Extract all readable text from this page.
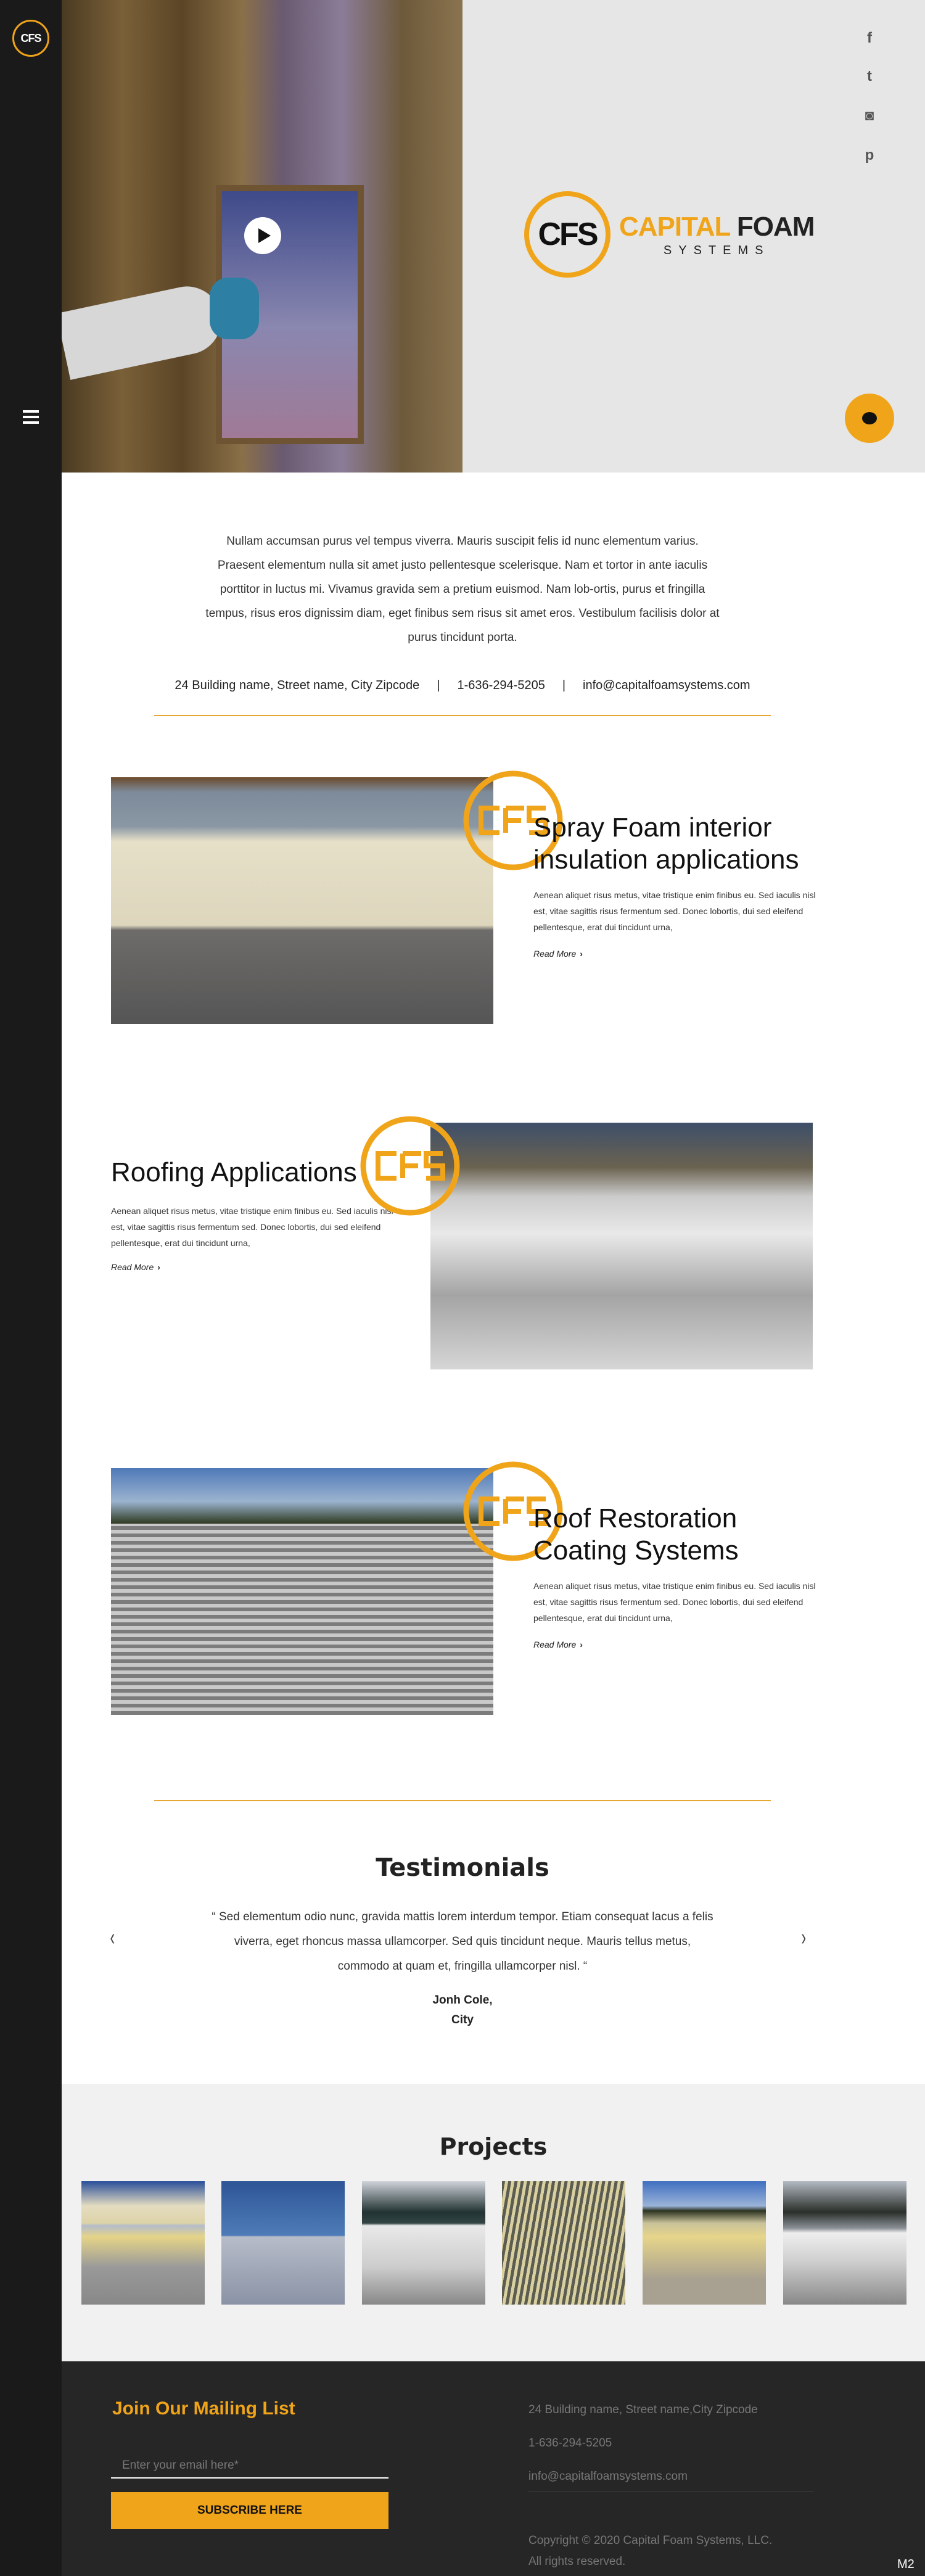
CFS	f
t
◙
p
CFS CAPITAL FOAM
SYSTEMS

Nullam accumsan purus vel tempus viverra. Mauris suscipit felis id nunc elementum varius. Praesent elementum nulla sit amet justo pellentesque scelerisque. Nam et tortor in ante iaculis porttitor in luctus mi. Vivamus gravida sem a pretium euismod. Nam lob-ortis, purus et fringilla tempus, risus eros dignissim diam, eget finibus sem risus sit amet eros. Vestibulum facilisis dolor at purus tincidunt porta.

24 Building name, Street name, City Zipcode | 1-636-294-5205 | info@capitalfoamsystems.com
Spray Foam interior insulation applications

Aenean aliquet risus metus, vitae tristique enim finibus eu. Sed iaculis nisl est, vitae sagittis risus fermentum sed. Donec lobortis, dui sed eleifend pellentesque, erat dui tincidunt urna,

Read More ›
Roofing Applications

Aenean aliquet risus metus, vitae tristique enim finibus eu. Sed iaculis nisl est, vitae sagittis risus fermentum sed. Donec lobortis, dui sed eleifend pellentesque, erat dui tincidunt urna,

Read More ›
Roof Restoration Coating Systems

Aenean aliquet risus metus, vitae tristique enim finibus eu. Sed iaculis nisl est, vitae sagittis risus fermentum sed. Donec lobortis, dui sed eleifend pellentesque, erat dui tincidunt urna,

Read More ›
Testimonials
‹	›

“ Sed elementum odio nunc, gravida mattis lorem interdum tempor. Etiam consequat lacus a felis viverra, eget rhoncus massa ullamcorper. Sed quis tincidunt neque. Mauris tellus metus, commodo at quam et, fringilla ullamcorper nisl. “

Jonh Cole,
City
Projects
Join Our Mailing List
Enter your email here*
SUBSCRIBE HERE
24 Building name, Street name,City Zipcode
1-636-294-5205
info@capitalfoamsystems.com
Copyright © 2020 Capital Foam Systems, LLC.
All rights reserved.	M2
